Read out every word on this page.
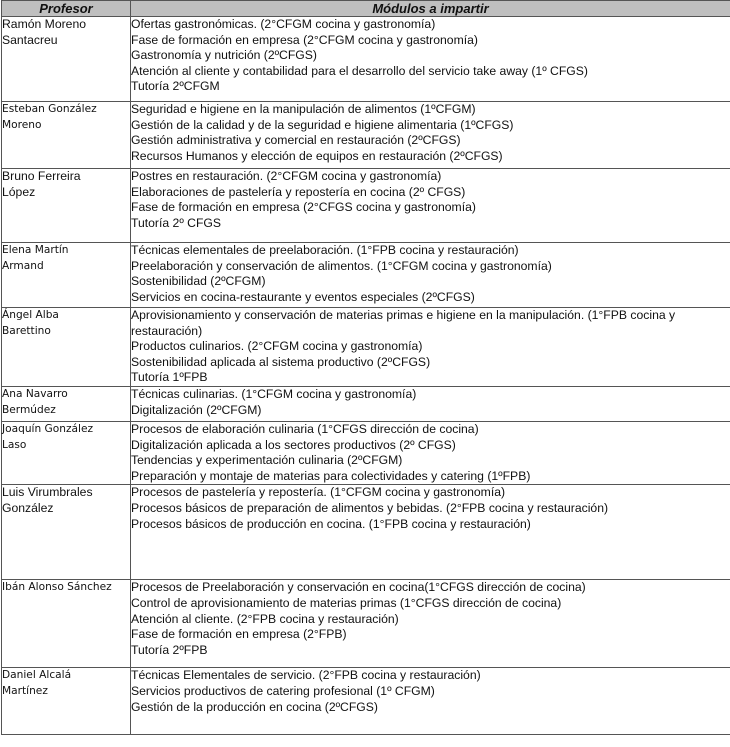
Profesor	Módulos a impartir

Ramón Moreno
Santacreu	Ofertas gastronómicas. (2°CFGM cocina y gastronomía)
Fase de formación en empresa (2°CFGM cocina y gastronomía)
Gastronomía y nutrición (2ºCFGS)
Atención al cliente y contabilidad para el desarrollo del servicio take away (1º CFGS)
Tutoría 2ºCFGM

Esteban González
Moreno	Seguridad e higiene en la manipulación de alimentos (1ºCFGM)
Gestión de la calidad y de la seguridad e higiene alimentaria (1ºCFGS)
Gestión administrativa y comercial en restauración (2ºCFGS)
Recursos Humanos y elección de equipos en restauración (2ºCFGS)

Bruno Ferreira
López	Postres en restauración. (2°CFGM cocina y gastronomía)
Elaboraciones de pastelería y repostería en cocina (2º CFGS)
Fase de formación en empresa (2°CFGS cocina y gastronomía)
Tutoría 2º CFGS

Elena Martín
Armand	Técnicas elementales de preelaboración. (1°FPB cocina y restauración)
Preelaboración y conservación de alimentos. (1°CFGM cocina y gastronomía)
Sostenibilidad (2ºCFGM)
Servicios en cocina-restaurante y eventos especiales (2ºCFGS)

Ángel Alba
Barettino	Aprovisionamiento y conservación de materias primas e higiene en la manipulación. (1°FPB cocina y restauración)
Productos culinarios. (2°CFGM cocina y gastronomía)
Sostenibilidad aplicada al sistema productivo (2ºCFGS)
Tutoría 1ºFPB

Ana Navarro
Bermúdez	Técnicas culinarias. (1°CFGM cocina y gastronomía)
Digitalización (2ºCFGM)

Joaquín González
Laso	Procesos de elaboración culinaria (1°CFGS dirección de cocina)
Digitalización aplicada a los sectores productivos (2º CFGS)
Tendencias y experimentación culinaria (2ºCFGM)
Preparación y montaje de materias para colectividades y catering (1ºFPB)

Luis Virumbrales
González	Procesos de pastelería y repostería. (1°CFGM cocina y gastronomía)
Procesos básicos de preparación de alimentos y bebidas. (2°FPB cocina y restauración)
Procesos básicos de producción en cocina. (1°FPB cocina y restauración)

Ibán Alonso Sánchez	Procesos de Preelaboración y conservación en cocina(1°CFGS dirección de cocina)
Control de aprovisionamiento de materias primas (1°CFGS dirección de cocina)
Atención al cliente. (2°FPB cocina y restauración)
Fase de formación en empresa (2°FPB)
Tutoría 2ºFPB

Daniel Alcalá
Martínez	Técnicas Elementales de servicio. (2°FPB cocina y restauración)
Servicios productivos de catering profesional (1º CFGM)
Gestión de la producción en cocina (2ºCFGS)
